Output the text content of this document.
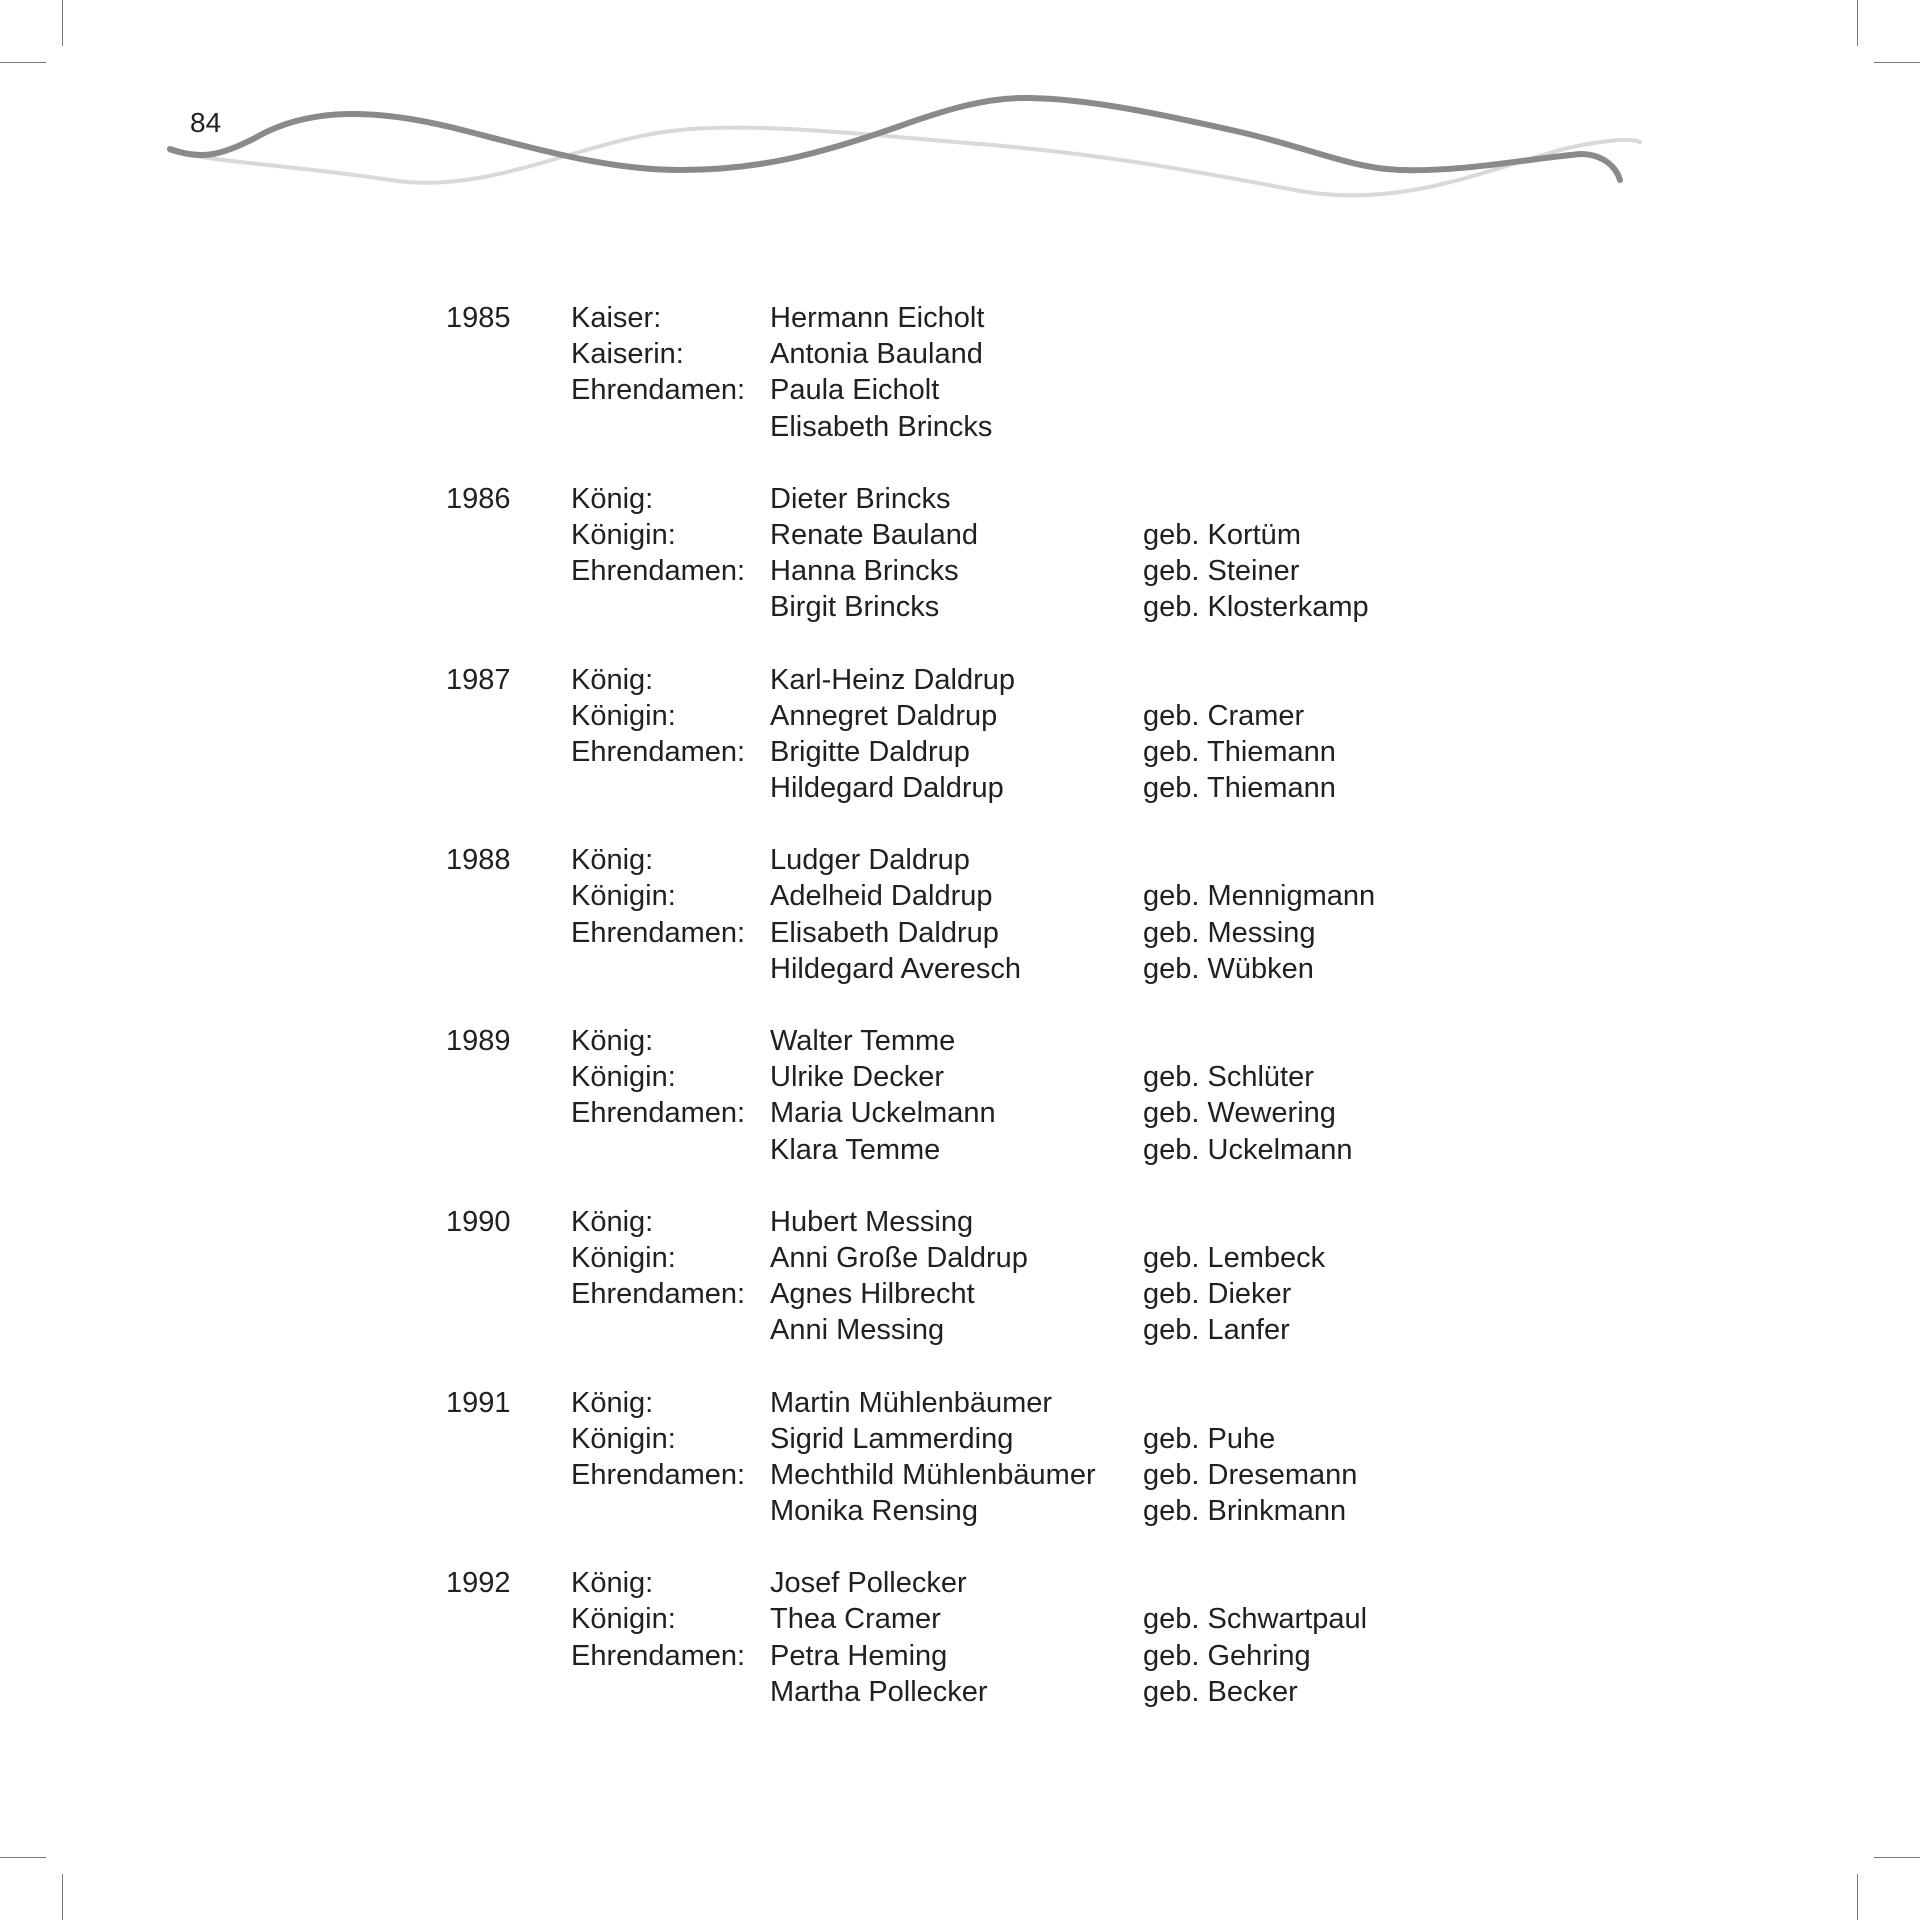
84
1985 Kaiser:	Hermann Eicholt
Kaiserin:	Antonia Bauland
Ehrendamen: Paula Eicholt
Elisabeth Brincks
1986 König:	Dieter Brincks
Königin:	Renate Bauland	geb. Kortüm
Ehrendamen: Hanna Brincks	geb. Steiner
Birgit Brincks	geb. Klosterkamp
1987 König:	Karl-Heinz Daldrup
Königin:	Annegret Daldrup	geb. Cramer
Ehrendamen: Brigitte Daldrup	geb. Thiemann
Hildegard Daldrup	geb. Thiemann
1988 König:	Ludger Daldrup
Königin:	Adelheid Daldrup	geb. Mennigmann
Ehrendamen: Elisabeth Daldrup	geb. Messing
Hildegard Averesch	geb. Wübken
1989 König:	Walter Temme
Königin:	Ulrike Decker	geb. Schlüter
Ehrendamen: Maria Uckelmann	geb. Wewering
Klara Temme	geb. Uckelmann
1990 König:	Hubert Messing
Königin:	Anni Große Daldrup	geb. Lembeck
Ehrendamen: Agnes Hilbrecht	geb. Dieker
Anni Messing	geb. Lanfer
1991 König:	Martin Mühlenbäumer
Königin:	Sigrid Lammerding	geb. Puhe
Ehrendamen: Mechthild Mühlenbäumer geb. Dresemann
Monika Rensing	geb. Brinkmann
1992 König:	Josef Pollecker
Königin:	Thea Cramer	geb. Schwartpaul
Ehrendamen: Petra Heming	geb. Gehring
Martha Pollecker	geb. Becker
